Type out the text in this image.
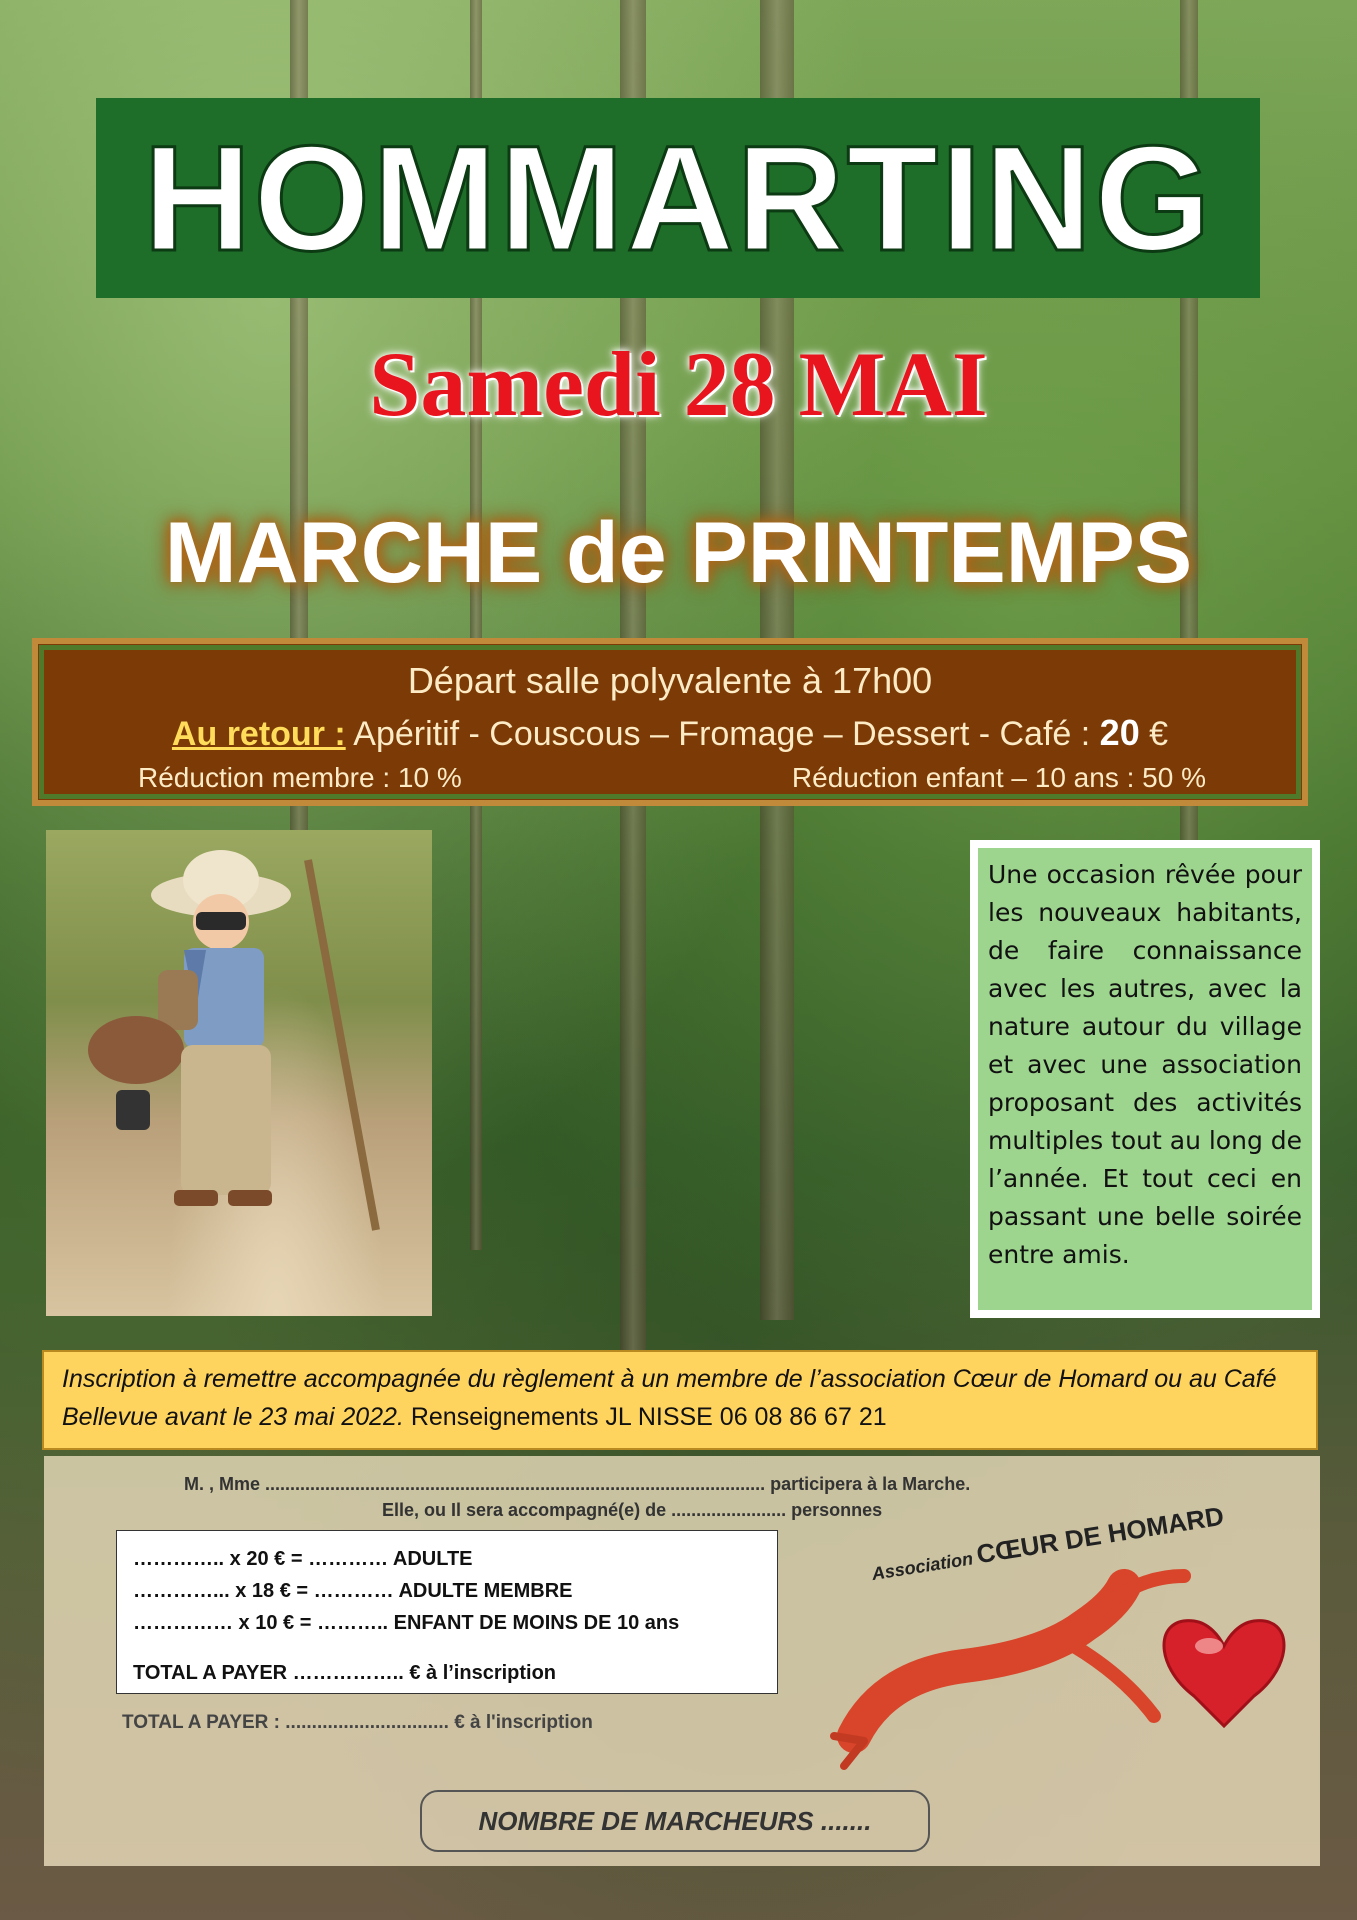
HOMMARTING
Samedi 28 MAI
MARCHE de PRINTEMPS
Départ salle polyvalente à 17h00
Au retour : Apéritif - Couscous – Fromage – Dessert - Café : 20 €
Réduction membre : 10 %	Réduction enfant – 10 ans : 50 %
Une occasion rêvée pour les nouveaux habitants, de faire connaissance avec les autres, avec la nature autour du village et avec une association proposant des activités multiples tout au long de l’année. Et tout ceci en passant une belle soirée entre amis.
Inscription à remettre accompagnée du règlement à un membre de l’association Cœur de Homard ou au Café Bellevue avant le 23 mai 2022. Renseignements JL NISSE 06 08 86 67 21
M. , Mme .................................................................................................... participera à la Marche.
Elle, ou Il sera accompagné(e) de ....................... personnes
………….. x 20 € = ………… ADULTE
…………... x 18 € = ………… ADULTE MEMBRE
…………… x 10 € = ……….. ENFANT DE MOINS DE 10 ans
TOTAL A PAYER …………….. € à l’inscription
TOTAL A PAYER : ............................... € à l'inscription
NOMBRE DE MARCHEURS .......
Association CŒUR DE HOMARD
